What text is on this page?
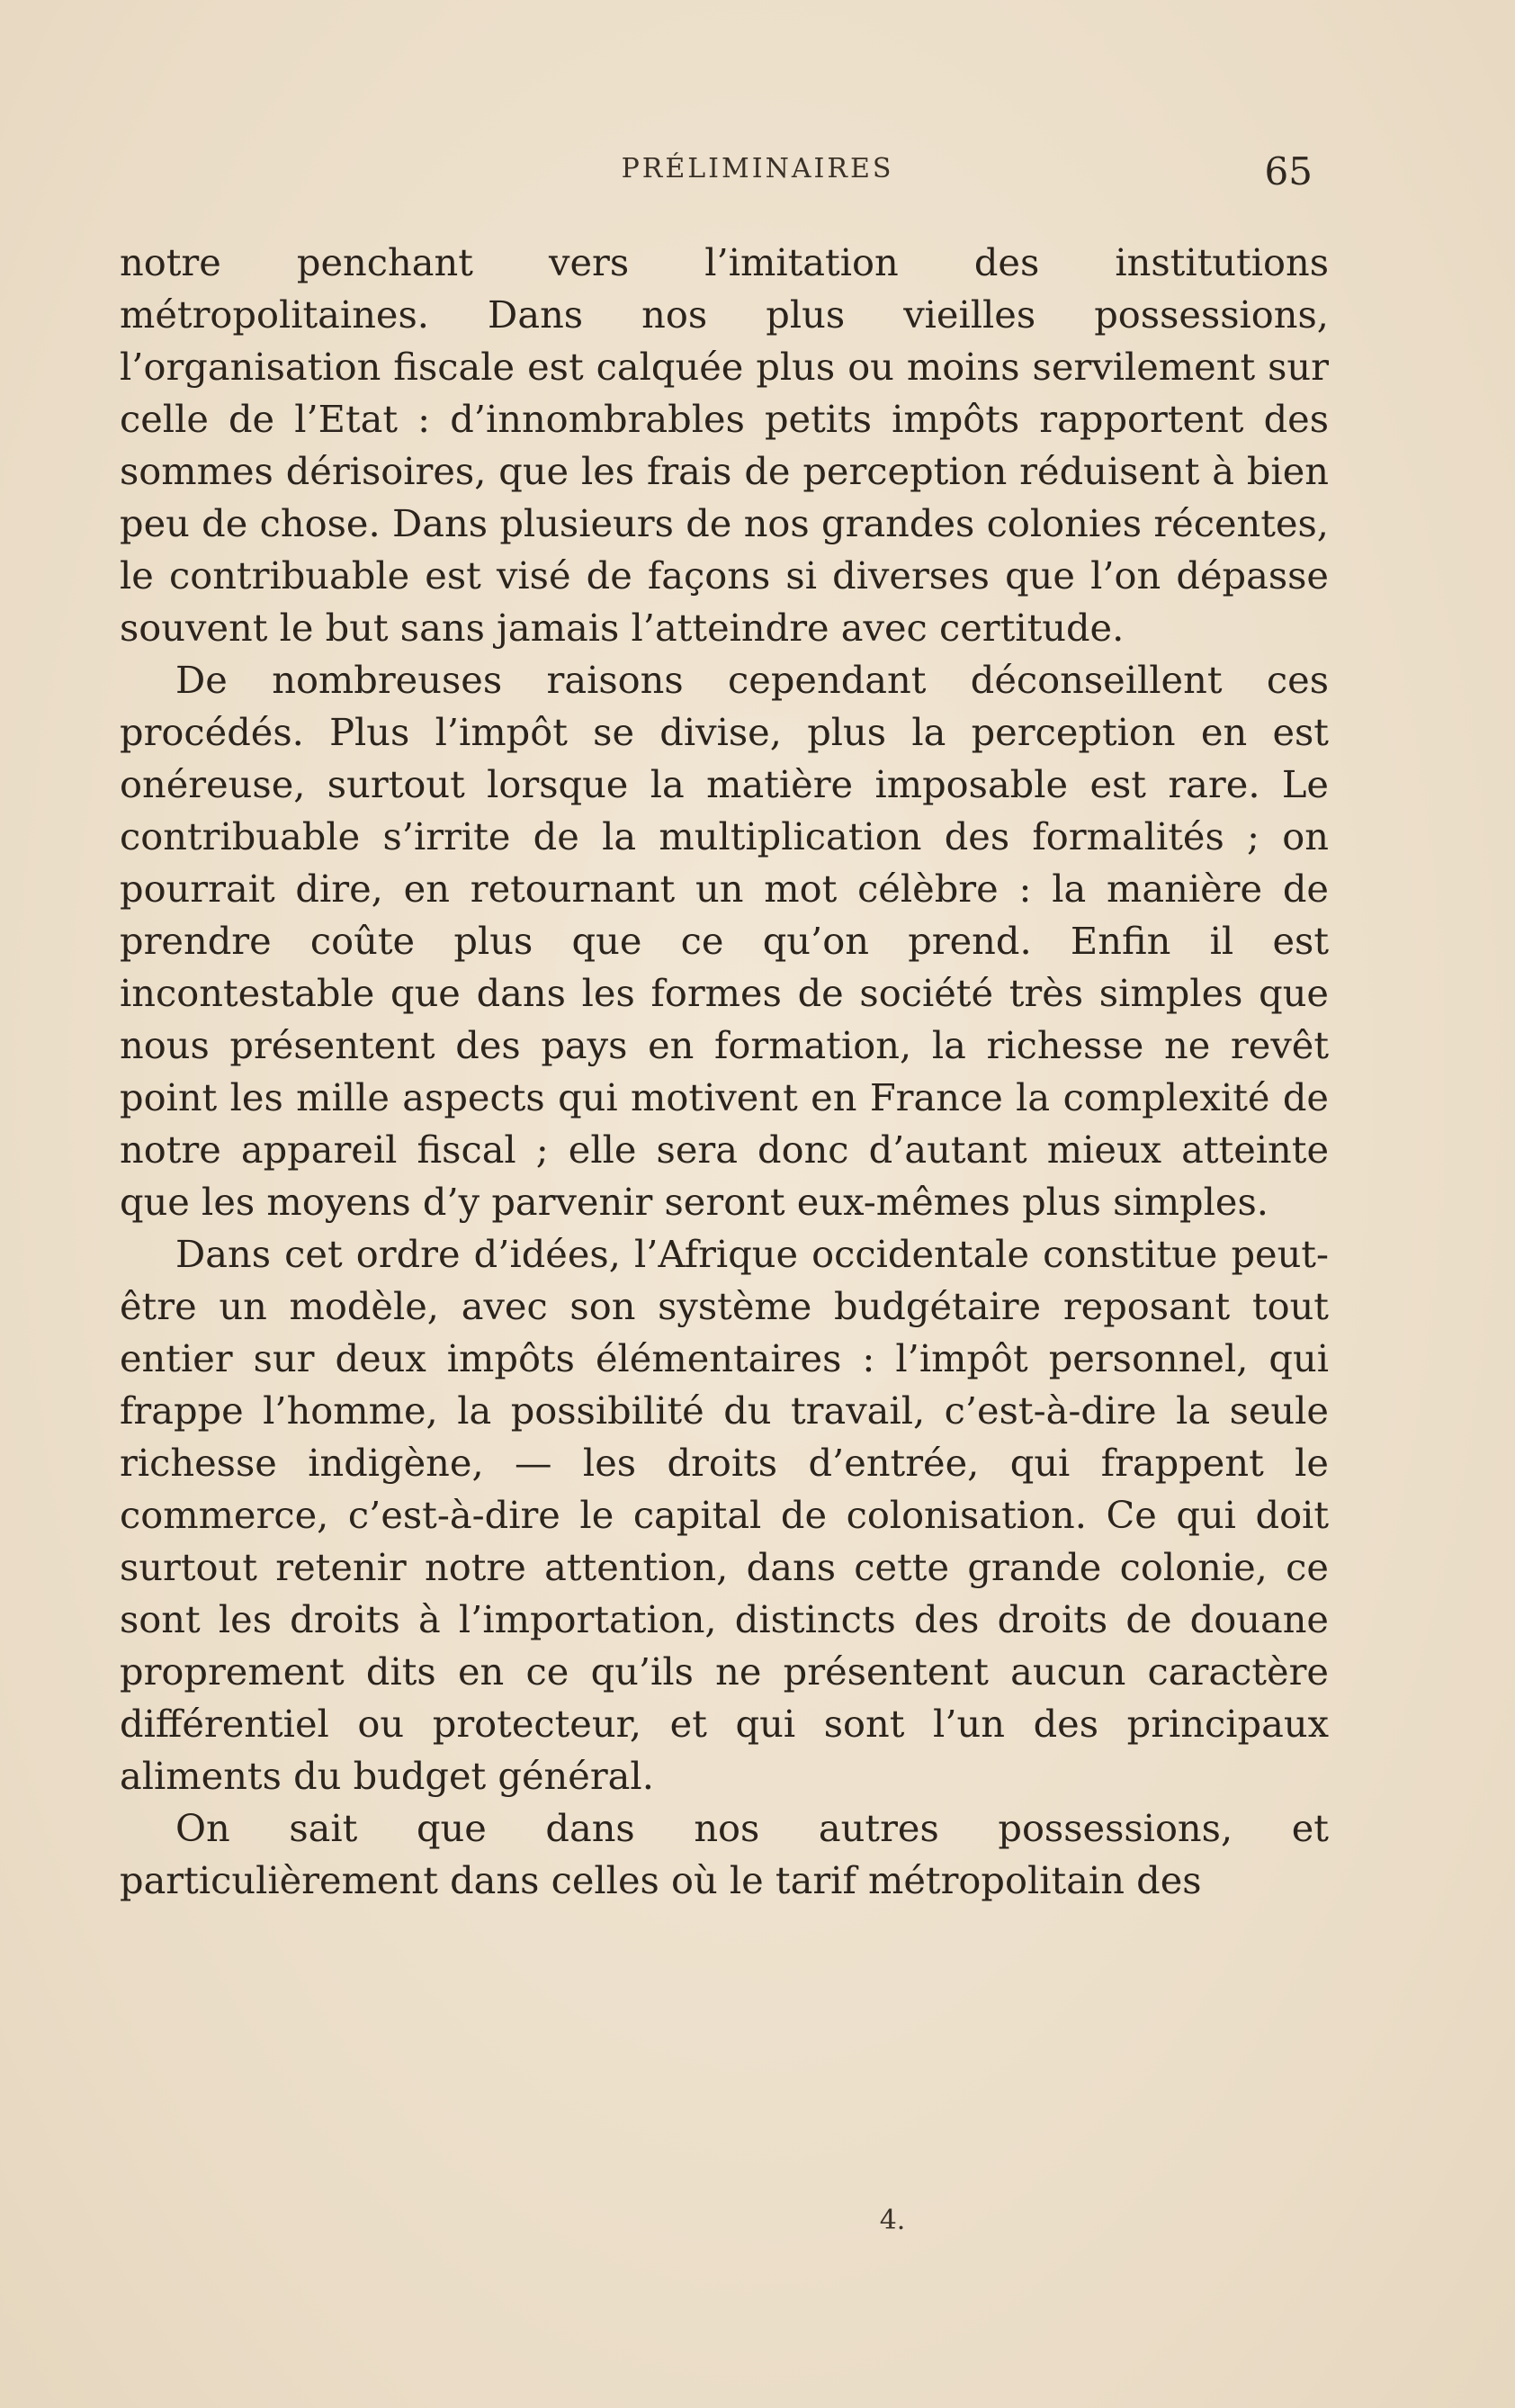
PRÉLIMINAIRES	65

notre penchant vers l’imitation des institutions métropolitaines. Dans nos plus vieilles possessions, l’organisation fiscale est calquée plus ou moins servilement sur celle de l’Etat : d’innombrables petits impôts rapportent des sommes dérisoires, que les frais de perception réduisent à bien peu de chose. Dans plusieurs de nos grandes colonies récentes, le contribuable est visé de façons si diverses que l’on dépasse souvent le but sans jamais l’atteindre avec certitude.

De nombreuses raisons cependant déconseillent ces procédés. Plus l’impôt se divise, plus la perception en est onéreuse, surtout lorsque la matière imposable est rare. Le contribuable s’irrite de la multiplication des formalités ; on pourrait dire, en retournant un mot célèbre : la manière de prendre coûte plus que ce qu’on prend. Enfin il est incontestable que dans les formes de société très simples que nous présentent des pays en formation, la richesse ne revêt point les mille aspects qui motivent en France la complexité de notre appareil fiscal ; elle sera donc d’autant mieux atteinte que les moyens d’y parvenir seront eux-mêmes plus simples.

Dans cet ordre d’idées, l’Afrique occidentale constitue peut-être un modèle, avec son système budgétaire reposant tout entier sur deux impôts élémentaires : l’impôt personnel, qui frappe l’homme, la possibilité du travail, c’est-à-dire la seule richesse indigène, — les droits d’entrée, qui frappent le commerce, c’est-à-dire le capital de colonisation. Ce qui doit surtout retenir notre attention, dans cette grande colonie, ce sont les droits à l’importation, distincts des droits de douane proprement dits en ce qu’ils ne présentent aucun caractère différentiel ou protecteur, et qui sont l’un des principaux aliments du budget général.

On sait que dans nos autres possessions, et particulièrement dans celles où le tarif métropolitain des

4.
